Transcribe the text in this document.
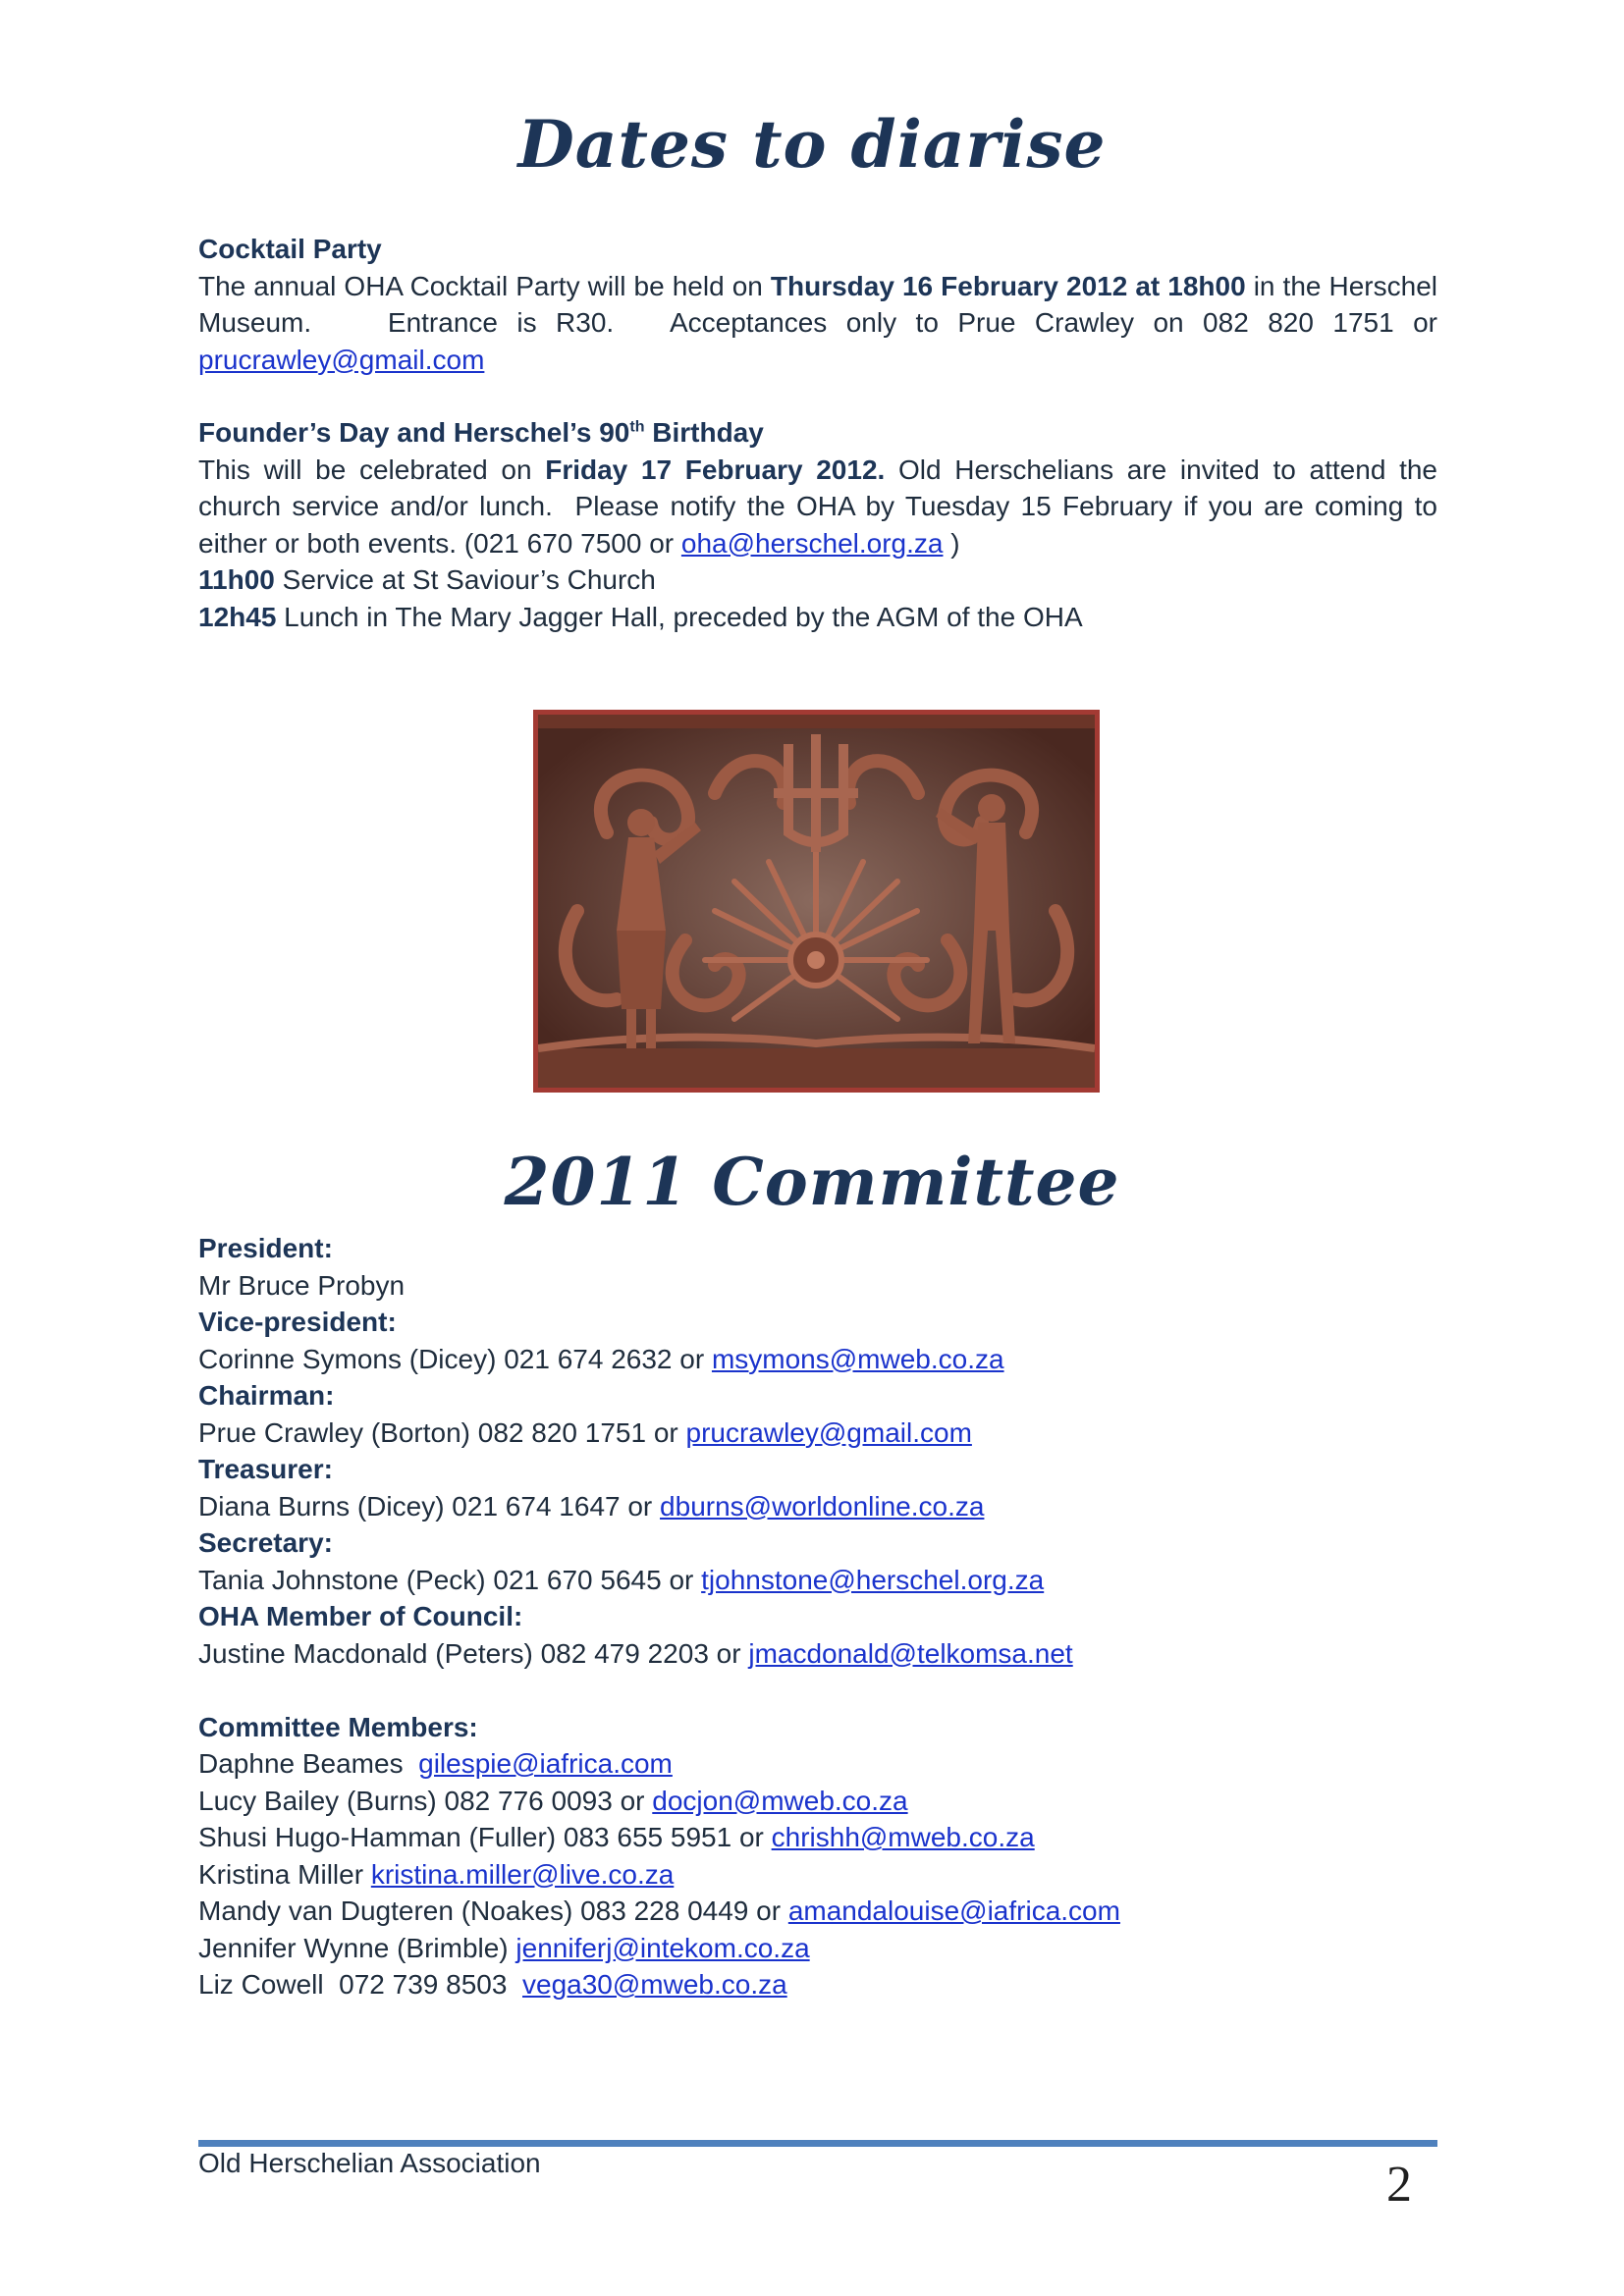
Dates to diarise

Cocktail Party

The annual OHA Cocktail Party will be held on Thursday 16 February 2012 at 18h00 in the Herschel Museum.    Entrance is R30.   Acceptances only to Prue Crawley on 082 820 1751 or prucrawley@gmail.com

Founder’s Day and Herschel’s 90th Birthday

This will be celebrated on Friday 17 February 2012. Old Herschelians are invited to attend the church service and/or lunch.  Please notify the OHA by Tuesday 15 February if you are coming to either or both events. (021 670 7500 or oha@herschel.org.za )

11h00 Service at St Saviour’s Church

12h45 Lunch in The Mary Jagger Hall, preceded by the AGM of the OHA

2011 Committee

President:

Mr Bruce Probyn

Vice-president:

Corinne Symons (Dicey) 021 674 2632 or msymons@mweb.co.za

Chairman:

Prue Crawley (Borton) 082 820 1751 or prucrawley@gmail.com

Treasurer:

Diana Burns (Dicey) 021 674 1647 or dburns@worldonline.co.za

Secretary:

Tania Johnstone (Peck) 021 670 5645 or tjohnstone@herschel.org.za

OHA Member of Council:

Justine Macdonald (Peters) 082 479 2203 or jmacdonald@telkomsa.net

Committee Members:

Daphne Beames  gilespie@iafrica.com

Lucy Bailey (Burns) 082 776 0093 or docjon@mweb.co.za

Shusi Hugo-Hamman (Fuller) 083 655 5951 or chrishh@mweb.co.za

Kristina Miller kristina.miller@live.co.za

Mandy van Dugteren (Noakes) 083 228 0449 or amandalouise@iafrica.com

Jennifer Wynne (Brimble) jenniferj@intekom.co.za

Liz Cowell  072 739 8503  vega30@mweb.co.za

Old Herschelian Association	2
